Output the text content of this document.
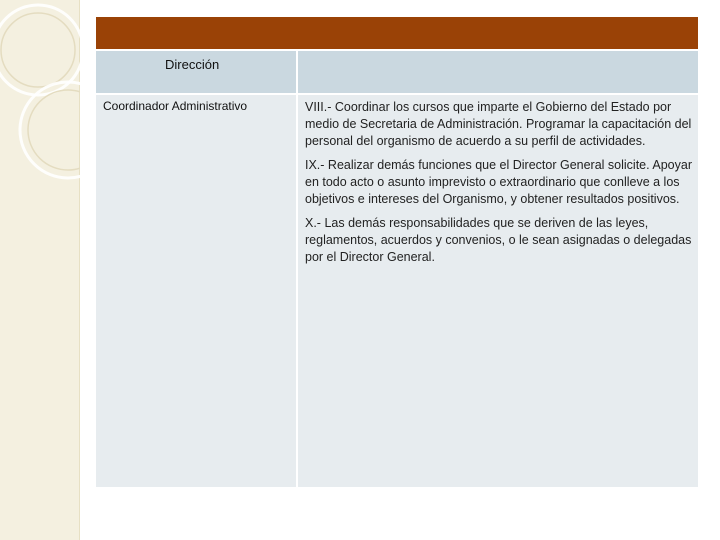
Dirección	

Coordinador Administrativo	VIII.- Coordinar los cursos que imparte el Gobierno del Estado por medio de Secretaria de Administración. Programar la capacitación del personal del organismo de acuerdo a su perfil de actividades.

IX.- Realizar demás funciones que el Director General solicite. Apoyar en todo acto o asunto imprevisto o extraordinario que conlleve a los objetivos e intereses del Organismo, y obtener resultados positivos.

X.- Las demás responsabilidades que se deriven de las leyes, reglamentos, acuerdos y convenios, o le sean asignadas o delegadas por el Director General.
